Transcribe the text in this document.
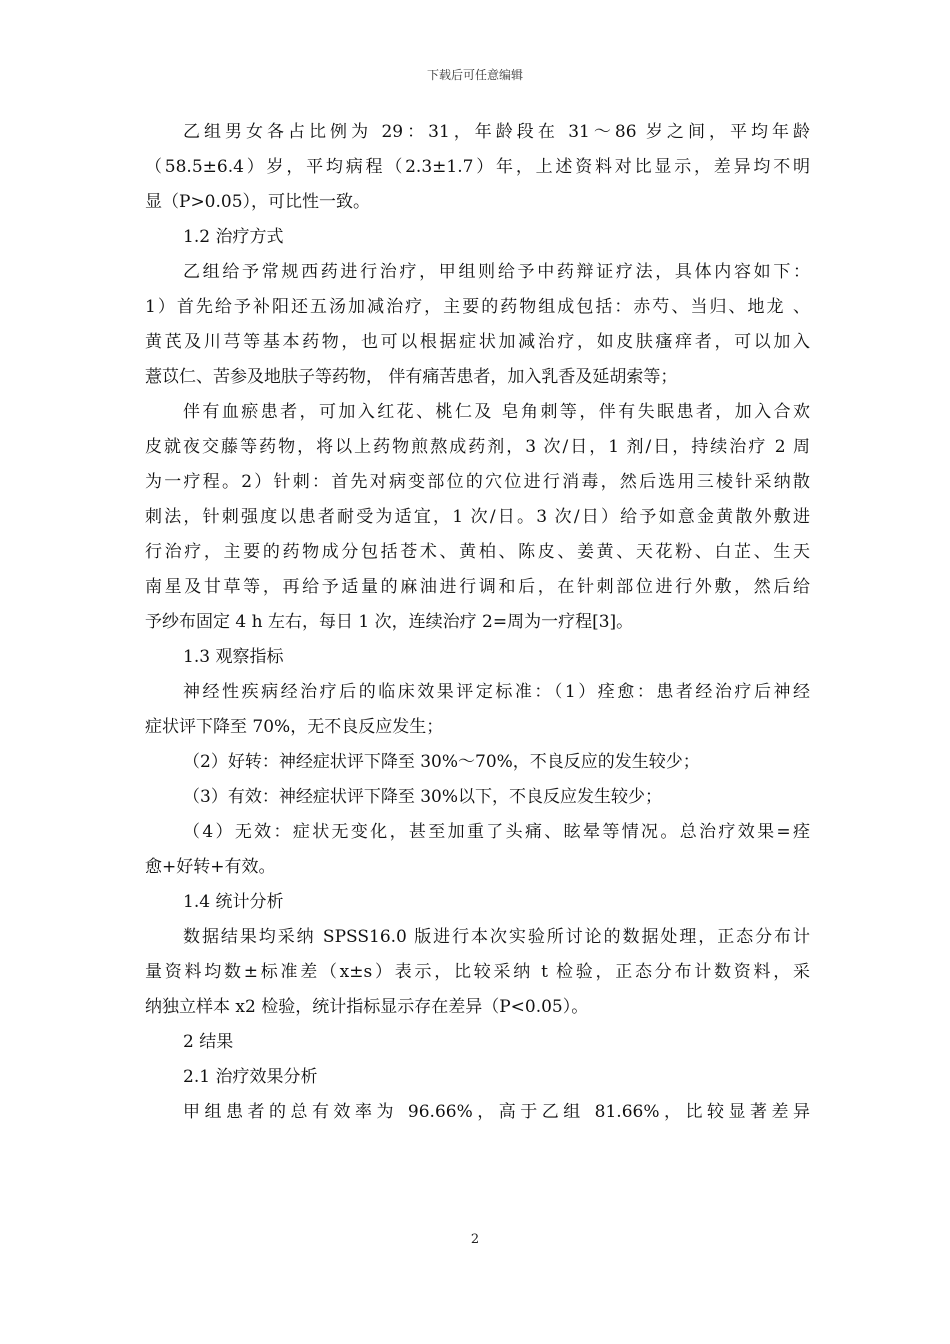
下载后可任意编辑
乙组男女各占比例为 29：31，年龄段在 31～86 岁之间，平均年龄
（58.5±6.4）岁，平均病程（2.3±1.7）年，上述资料对比显示，差异均不明
显（P>0.05），可比性一致。
1.2 治疗方式
乙组给予常规西药进行治疗，甲组则给予中药辩证疗法，具体内容如下：
1）首先给予补阳还五汤加减治疗，主要的药物组成包括：赤芍、当归、地龙 、
黄芪及川芎等基本药物，也可以根据症状加减治疗，如皮肤瘙痒者，可以加入
薏苡仁、苦参及地肤子等药物， 伴有痛苦患者，加入乳香及延胡索等；
伴有血瘀患者，可加入红花、桃仁及 皂角刺等，伴有失眠患者，加入合欢
皮就夜交藤等药物，将以上药物煎熬成药剂，3 次/日，1 剂/日，持续治疗 2 周
为一疗程。2）针刺：首先对病变部位的穴位进行消毒，然后选用三棱针采纳散
刺法，针刺强度以患者耐受为适宜，1 次/日。3 次/日）给予如意金黄散外敷进
行治疗，主要的药物成分包括苍术、黄柏、陈皮、姜黄、天花粉、白芷、生天
南星及甘草等，再给予适量的麻油进行调和后，在针刺部位进行外敷，然后给
予纱布固定 4 h 左右，每日 1 次，连续治疗 2=周为一疗程[3]。
1.3 观察指标
神经性疾病经治疗后的临床效果评定标准：（1）痊愈：患者经治疗后神经
症状评下降至 70%，无不良反应发生；
（2）好转：神经症状评下降至 30%～70%，不良反应的发生较少；
（3）有效：神经症状评下降至 30%以下，不良反应发生较少；
（4）无效：症状无变化，甚至加重了头痛、眩晕等情况。总治疗效果=痊
愈+好转+有效。
1.4 统计分析
数据结果均采纳 SPSS16.0 版进行本次实验所讨论的数据处理，正态分布计
量资料均数±标准差（x±s）表示，比较采纳 t 检验，正态分布计数资料，采
纳独立样本 x2 检验，统计指标显示存在差异（P<0.05）。
2 结果
2.1 治疗效果分析
甲组患者的总有效率为 96.66%，高于乙组 81.66%，比较显著差异
2
